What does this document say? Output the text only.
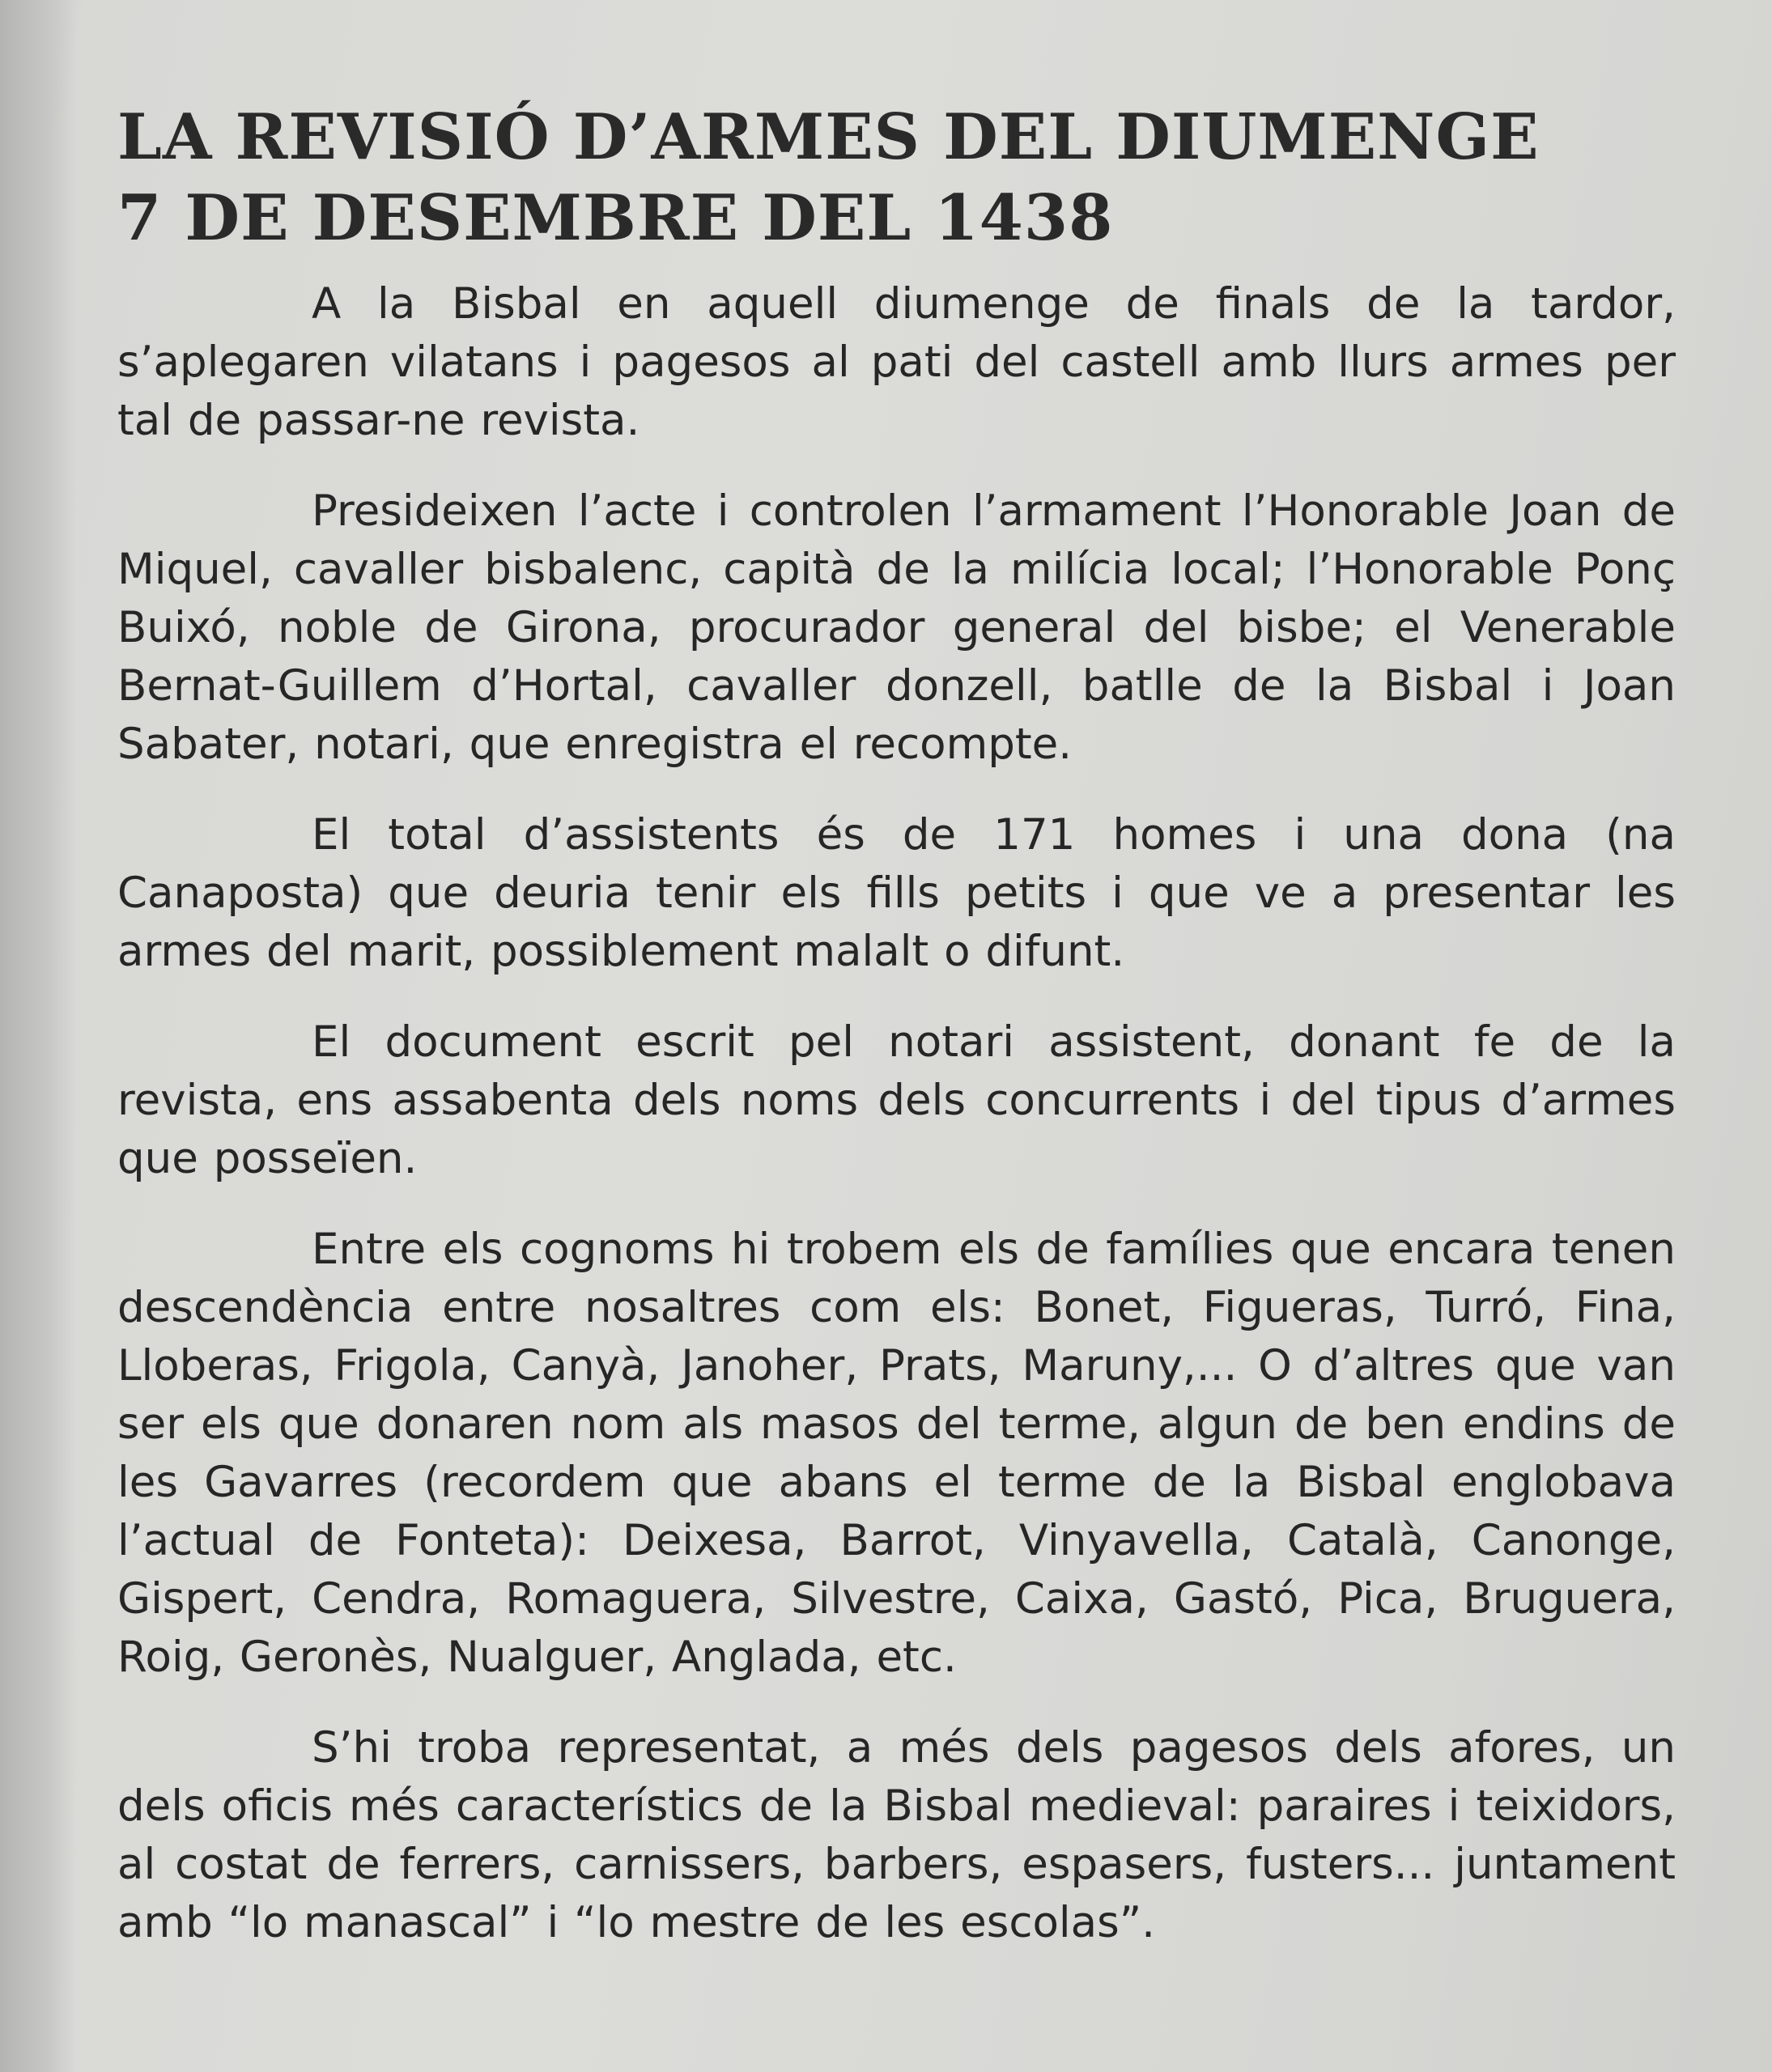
LA REVISIÓ D’ARMES DEL DIUMENGE
7 DE DESEMBRE DEL 1438

A la Bisbal en aquell diumenge de finals de la tardor, s’aplegaren vilatans i pagesos al pati del castell amb llurs armes per tal de passar-ne revista.

Presideixen l’acte i controlen l’armament l’Honorable Joan de Miquel, cavaller bisbalenc, capità de la milícia local; l’Honorable Ponç Buixó, noble de Girona, procurador general del bisbe; el Venerable Bernat-Guillem d’Hortal, cavaller donzell, batlle de la Bisbal i Joan Sabater, notari, que enregistra el recompte.

El total d’assistents és de 171 homes i una dona (na Canaposta) que deuria tenir els fills petits i que ve a presentar les armes del marit, possiblement malalt o difunt.

El document escrit pel notari assistent, donant fe de la revista, ens assabenta dels noms dels concurrents i del tipus d’armes que posseïen.

Entre els cognoms hi trobem els de famílies que encara tenen descendència entre nosaltres com els: Bonet, Figueras, Turró, Fina, Lloberas, Frigola, Canyà, Janoher, Prats, Maruny,... O d’altres que van ser els que donaren nom als masos del terme, algun de ben endins de les Gavarres (recordem que abans el terme de la Bisbal englobava l’actual de Fonteta): Deixesa, Barrot, Vinyavella, Català, Canonge, Gispert, Cendra, Romaguera, Silvestre, Caixa, Gastó, Pica, Bruguera, Roig, Geronès, Nualguer, Anglada, etc.

S’hi troba representat, a més dels pagesos dels afores, un dels oficis més característics de la Bisbal medieval: paraires i teixidors, al costat de ferrers, carnissers, barbers, espasers, fusters... juntament amb “lo manascal” i “lo mestre de les escolas”.
